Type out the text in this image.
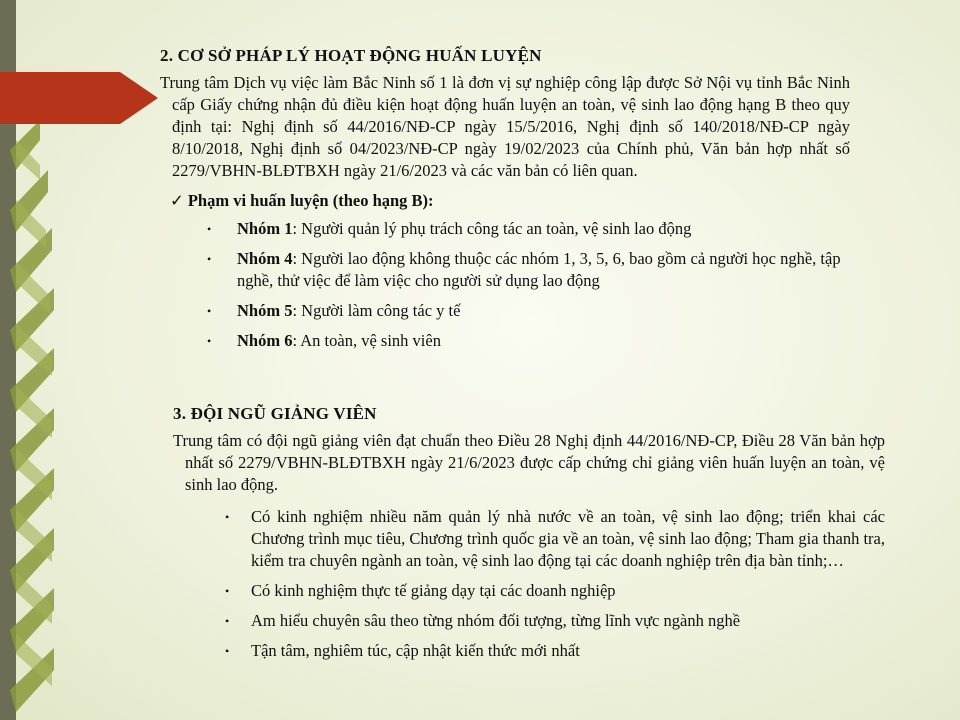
2. CƠ SỞ PHÁP LÝ HOẠT ĐỘNG HUẤN LUYỆN

Trung tâm Dịch vụ việc làm Bắc Ninh số 1 là đơn vị sự nghiệp công lập được Sở Nội vụ tỉnh Bắc Ninh cấp Giấy chứng nhận đủ điều kiện hoạt động huấn luyện an toàn, vệ sinh lao động hạng B theo quy định tại: Nghị định số 44/2016/NĐ-CP ngày 15/5/2016, Nghị định số 140/2018/NĐ-CP ngày 8/10/2018, Nghị định số 04/2023/NĐ-CP ngày 19/02/2023 của Chính phủ, Văn bản hợp nhất số 2279/VBHN-BLĐTBXH ngày 21/6/2023 và các văn bản có liên quan.

✓ Phạm vi huấn luyện (theo hạng B):

• Nhóm 1: Người quản lý phụ trách công tác an toàn, vệ sinh lao động
• Nhóm 4: Người lao động không thuộc các nhóm 1, 3, 5, 6, bao gồm cả người học nghề, tập nghề, thử việc để làm việc cho người sử dụng lao động
• Nhóm 5: Người làm công tác y tế
• Nhóm 6: An toàn, vệ sinh viên

3. ĐỘI NGŨ GIẢNG VIÊN

Trung tâm có đội ngũ giảng viên đạt chuẩn theo Điều 28 Nghị định 44/2016/NĐ-CP, Điều 28 Văn bản hợp nhất số 2279/VBHN-BLĐTBXH ngày 21/6/2023 được cấp chứng chỉ giảng viên huấn luyện an toàn, vệ sinh lao động.

• Có kinh nghiệm nhiều năm quản lý nhà nước về an toàn, vệ sinh lao động; triển khai các Chương trình mục tiêu, Chương trình quốc gia về an toàn, vệ sinh lao động; Tham gia thanh tra, kiểm tra chuyên ngành an toàn, vệ sinh lao động tại các doanh nghiệp trên địa bàn tỉnh;…
• Có kinh nghiệm thực tế giảng dạy tại các doanh nghiệp
• Am hiểu chuyên sâu theo từng nhóm đối tượng, từng lĩnh vực ngành nghề
• Tận tâm, nghiêm túc, cập nhật kiến thức mới nhất
